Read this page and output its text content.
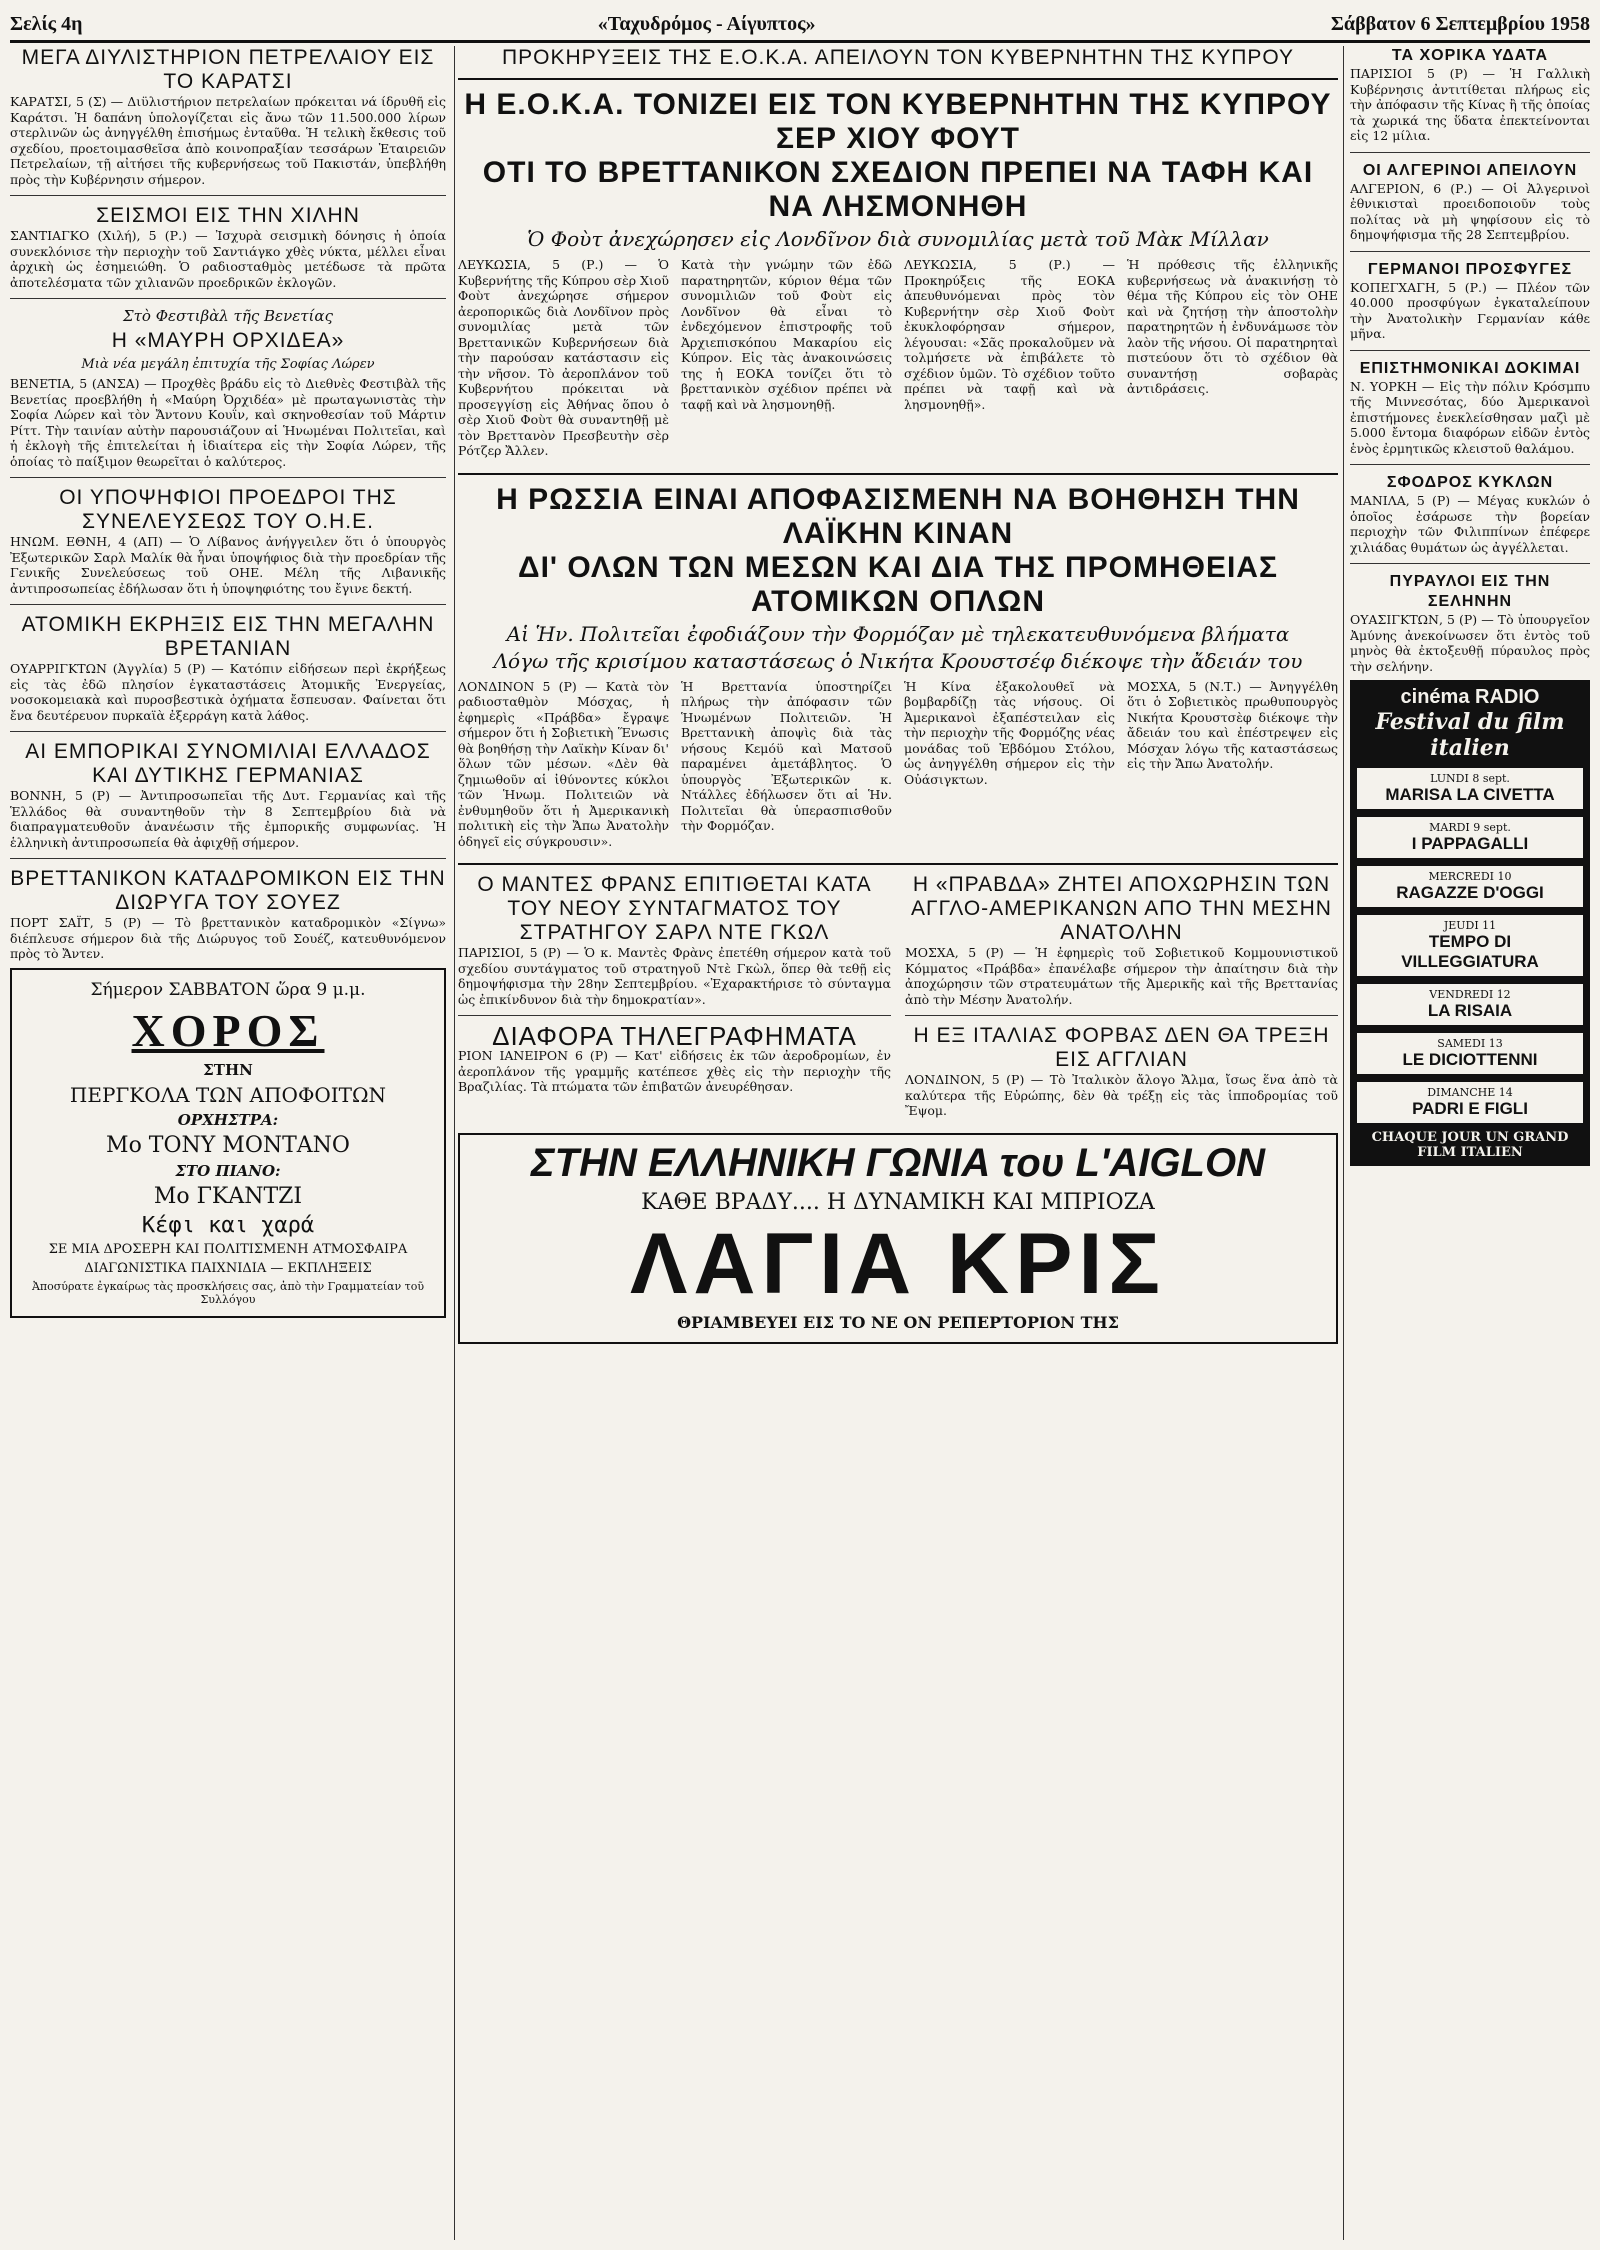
Σελίς 4η	«Ταχυδρόμος - Αίγυπτος»	Σάββατον 6 Σεπτεμβρίου 1958
ΜΕΓΑ ΔΙΥΛΙΣΤΗΡΙΟΝ ΠΕΤΡΕΛΑΙΟΥ ΕΙΣ ΤΟ ΚΑΡΑΤΣΙ

ΚΑΡΑΤΣΙ, 5 (Σ) — Διϋλιστήριον πετρελαίων πρόκειται νά ίδρυθῆ εἰς Καράτσι. Ἡ δαπάνη ὑπολογίζεται εἰς ἄνω τῶν 11.500.000 λίρων στερλινῶν ὡς ἀνηγγέλθη ἐπισήμως ἐνταῦθα. Ἡ τελικὴ ἔκθεσις τοῦ σχεδίου, προετοιμασθεῖσα ἀπὸ κοινοπραξίαν τεσσάρων Ἑταιρειῶν Πετρελαίων, τῇ αἰτήσει τῆς κυβερνήσεως τοῦ Πακιστάν, ὑπεβλήθη πρὸς τὴν Κυβέρνησιν σήμερον.

ΣΕΙΣΜΟΙ ΕΙΣ ΤΗΝ ΧΙΛΗΝ

ΣΑΝΤΙΑΓΚΟ (Χιλή), 5 (Ρ.) — Ἰσχυρὰ σεισμικὴ δόνησις ἡ ὁποία συνεκλόνισε τὴν περιοχὴν τοῦ Σαντιάγκο χθὲς νύκτα, μέλλει εἶναι ἀρχικὴ ὡς ἐσημειώθη. Ὁ ραδιοσταθμὸς μετέδωσε τὰ πρῶτα ἀποτελέσματα τῶν χιλιανῶν προεδρικῶν ἐκλογῶν.

Στὸ Φεστιβὰλ τῆς Βενετίας
Η «ΜΑΥΡΗ ΟΡΧΙΔΕΑ»
Μιὰ νέα μεγάλη ἐπιτυχία τῆς Σοφίας Λώρεν

ΒΕΝΕΤΙΑ, 5 (ΑΝΣΑ) — Προχθὲς βράδυ εἰς τὸ Διεθνὲς Φεστιβὰλ τῆς Βενετίας προεβλήθη ἡ «Μαύρη Ὀρχιδέα» μὲ πρωταγωνιστὰς τὴν Σοφία Λώρεν καὶ τὸν Ἄντονυ Κουΐν, καὶ σκηνοθεσίαν τοῦ Μάρτιν Ρίττ. Τὴν ταινίαν αὐτὴν παρουσιάζουν αἱ Ἡνωμέναι Πολιτεῖαι, καὶ ἡ ἐκλογὴ τῆς ἐπιτελείται ἡ ἰδιαίτερα εἰς τὴν Σοφία Λώρεν, τῆς ὁποίας τὸ παίξιμον θεωρεῖται ὁ καλύτερος.

ΟΙ ΥΠΟΨΗΦΙΟΙ ΠΡΟΕΔΡΟΙ ΤΗΣ ΣΥΝΕΛΕΥΣΕΩΣ ΤΟΥ Ο.Η.Ε.

ΗΝΩΜ. ΕΘΝΗ, 4 (ΑΠ) — Ὁ Λίβανος ἀνήγγειλεν ὅτι ὁ ὑπουργὸς Ἐξωτερικῶν Σαρλ Μαλίκ θὰ ἦναι ὑποψήφιος διὰ τὴν προεδρίαν τῆς Γενικῆς Συνελεύσεως τοῦ ΟΗΕ. Μέλη τῆς Λιβανικῆς ἀντιπροσωπείας ἐδήλωσαν ὅτι ἡ ὑποψηφιότης του ἔγινε δεκτή.

ΑΤΟΜΙΚΗ ΕΚΡΗΞΙΣ ΕΙΣ ΤΗΝ ΜΕΓΑΛΗΝ ΒΡΕΤΑΝΙΑΝ

ΟΥΑΡΡΙΓΚΤΩΝ (Ἀγγλία) 5 (Ρ) — Κατόπιν εἰδήσεων περὶ ἐκρήξεως εἰς τὰς ἐδῶ πλησίον ἐγκαταστάσεις Ἀτομικῆς Ἐνεργείας, νοσοκομειακὰ καὶ πυροσβεστικὰ ὀχήματα ἔσπευσαν. Φαίνεται ὅτι ἔνα δευτέρευον πυρκαϊὰ ἐξερράγη κατὰ λάθος.

ΑΙ ΕΜΠΟΡΙΚΑΙ ΣΥΝΟΜΙΛΙΑΙ ΕΛΛΑΔΟΣ ΚΑΙ ΔΥΤΙΚΗΣ ΓΕΡΜΑΝΙΑΣ

ΒΟΝΝΗ, 5 (Ρ) — Ἀντιπροσωπεῖαι τῆς Δυτ. Γερμανίας καὶ τῆς Ἑλλάδος θὰ συναντηθοῦν τὴν 8 Σεπτεμβρίου διὰ νὰ διαπραγματευθοῦν ἀνανέωσιν τῆς ἐμπορικῆς συμφωνίας. Ἡ ἑλληνικὴ ἀντιπροσωπεία θὰ ἀφιχθῇ σήμερον.

ΒΡΕΤΤΑΝΙΚΟΝ ΚΑΤΑΔΡΟΜΙΚΟΝ ΕΙΣ ΤΗΝ ΔΙΩΡΥΓΑ ΤΟΥ ΣΟΥΕΖ

ΠΟΡΤ ΣΑΪΤ, 5 (Ρ) — Τὸ βρεττανικὸν καταδρομικὸν «Σίγνω» διέπλευσε σήμερον διὰ τῆς Διώρυγος τοῦ Σουέζ, κατευθυνόμενον πρὸς τὸ Ἄντεν.

Σήμερον ΣΑΒΒΑΤΟΝ ὥρα 9 μ.μ.
ΧΟΡΟΣ
ΣΤΗΝ
ΠΕΡΓΚΟΛΑ ΤΩΝ ΑΠΟΦΟΙΤΩΝ
ΟΡΧΗΣΤΡΑ:
Μο ΤΟΝΥ ΜΟΝΤΑΝΟ
ΣΤΟ ΠΙΑΝΟ:
Μο ΓΚΑΝΤΖΙ
Κέφι και χαρά
ΣΕ ΜΙΑ ΔΡΟΣΕΡΗ ΚΑΙ ΠΟΛΙΤΙΣΜΕΝΗ ΑΤΜΟΣΦΑΙΡΑ
ΔΙΑΓΩΝΙΣΤΙΚΑ ΠΑΙΧΝΙΔΙΑ — ΕΚΠΛΗΞΕΙΣ
Ἀποσύρατε ἐγκαίρως τὰς προσκλήσεις σας, ἀπὸ τὴν Γραμματείαν τοῦ Συλλόγου
ΠΡΟΚΗΡΥΞΕΙΣ ΤΗΣ Ε.Ο.Κ.Α. ΑΠΕΙΛΟΥΝ ΤΟΝ ΚΥΒΕΡΝΗΤΗΝ ΤΗΣ ΚΥΠΡΟΥ
Η Ε.Ο.Κ.Α. ΤΟΝΙΖΕΙ ΕΙΣ ΤΟΝ ΚΥΒΕΡΝΗΤΗΝ ΤΗΣ ΚΥΠΡΟΥ ΣΕΡ ΧΙΟΥ ΦΟΥΤ
ΟΤΙ ΤΟ ΒΡΕΤΤΑΝΙΚΟΝ ΣΧΕΔΙΟΝ ΠΡΕΠΕΙ ΝΑ ΤΑΦΗ ΚΑΙ ΝΑ ΛΗΣΜΟΝΗΘΗ
Ὁ Φοὺτ ἀνεχώρησεν εἰς Λονδῖνον διὰ συνομιλίας μετὰ τοῦ Μὰκ Μίλλαν

ΛΕΥΚΩΣΙΑ, 5 (Ρ.) — Ὁ Κυβερνήτης τῆς Κύπρου σὲρ Χιοῦ Φοὺτ ἀνεχώρησε σήμερον ἀεροπορικῶς διὰ Λονδῖνον πρὸς συνομιλίας μετὰ τῶν Βρεττανικῶν Κυβερνήσεων διὰ τὴν παρούσαν κατάστασιν εἰς τὴν νῆσον. Τὸ ἀεροπλάνον τοῦ Κυβερνήτου πρόκειται νὰ προσεγγίσῃ εἰς Ἀθήνας ὅπου ὁ σὲρ Χιοῦ Φοὺτ θὰ συναντηθῇ μὲ τὸν Βρεττανὸν Πρεσβευτὴν σὲρ Ρότζερ Ἄλλεν.

Κατὰ τὴν γνώμην τῶν ἐδῶ παρατηρητῶν, κύριον θέμα τῶν συνομιλιῶν τοῦ Φοὺτ εἰς Λονδῖνον θὰ εἶναι τὸ ἐνδεχόμενον ἐπιστροφῆς τοῦ Ἀρχιεπισκόπου Μακαρίου εἰς Κύπρον. Εἰς τὰς ἀνακοινώσεις της ἡ ΕΟΚΑ τονίζει ὅτι τὸ βρεττανικὸν σχέδιον πρέπει νὰ ταφῇ καὶ νὰ λησμονηθῇ.

ΛΕΥΚΩΣΙΑ, 5 (Ρ.) — Προκηρύξεις τῆς ΕΟΚΑ ἀπευθυνόμεναι πρὸς τὸν Κυβερνήτην σὲρ Χιοῦ Φοὺτ ἐκυκλοφόρησαν σήμερον, λέγουσαι: «Σᾶς προκαλοῦμεν νὰ τολμήσετε νὰ ἐπιβάλετε τὸ σχέδιον ὑμῶν. Τὸ σχέδιον τοῦτο πρέπει νὰ ταφῇ καὶ νὰ λησμονηθῇ».

Ἡ πρόθεσις τῆς ἑλληνικῆς κυβερνήσεως νὰ ἀνακινήσῃ τὸ θέμα τῆς Κύπρου εἰς τὸν ΟΗΕ καὶ νὰ ζητήσῃ τὴν ἀποστολὴν παρατηρητῶν ἡ ἐνδυνάμωσε τὸν λαὸν τῆς νήσου. Οἱ παρατηρηταὶ πιστεύουν ὅτι τὸ σχέδιον θὰ συναντήσῃ σοβαρὰς ἀντιδράσεις.

Η ΡΩΣΣΙΑ ΕΙΝΑΙ ΑΠΟΦΑΣΙΣΜΕΝΗ ΝΑ ΒΟΗΘΗΣΗ ΤΗΝ ΛΑΪΚΗΝ ΚΙΝΑΝ
ΔΙ' ΟΛΩΝ ΤΩΝ ΜΕΣΩΝ ΚΑΙ ΔΙΑ ΤΗΣ ΠΡΟΜΗΘΕΙΑΣ ΑΤΟΜΙΚΩΝ ΟΠΛΩΝ
Αἱ Ἡν. Πολιτεῖαι ἐφοδιάζουν τὴν Φορμόζαν μὲ τηλεκατευθυνόμενα βλήματα
Λόγω τῆς κρισίμου καταστάσεως ὁ Νικήτα Κρουστσέφ διέκοψε τὴν ἄδειάν του

ΛΟΝΔΙΝΟΝ 5 (Ρ) — Κατὰ τὸν ραδιοσταθμὸν Μόσχας, ἡ ἐφημερὶς «Πράβδα» ἔγραψε σήμερον ὅτι ἡ Σοβιετικὴ Ἕνωσις θὰ βοηθήσῃ τὴν Λαϊκὴν Κίναν δι' ὅλων τῶν μέσων. «Δὲν θὰ ζημιωθοῦν αἱ ἰθύνοντες κύκλοι τῶν Ἡνωμ. Πολιτειῶν νὰ ἐνθυμηθοῦν ὅτι ἡ Ἀμερικανικὴ πολιτικὴ εἰς τὴν Ἄπω Ἀνατολὴν ὁδηγεῖ εἰς σύγκρουσιν».

Ἡ Βρεττανία ὑποστηρίζει πλήρως τὴν ἀπόφασιν τῶν Ἡνωμένων Πολιτειῶν. Ἡ Βρεττανικὴ ἀποψὶς διὰ τὰς νήσους Κεμόϋ καὶ Ματσοῦ παραμένει ἀμετάβλητος. Ὁ ὑπουργὸς Ἐξωτερικῶν κ. Ντάλλες ἐδήλωσεν ὅτι αἱ Ἡν. Πολιτεῖαι θὰ ὑπερασπισθοῦν τὴν Φορμόζαν.

Ἡ Κίνα ἐξακολουθεῖ νὰ βομβαρδίζῃ τὰς νήσους. Οἱ Ἀμερικανοὶ ἐξαπέστειλαν εἰς τὴν περιοχὴν τῆς Φορμόζης νέας μονάδας τοῦ Ἑβδόμου Στόλου, ὡς ἀνηγγέλθη σήμερον εἰς τὴν Οὐάσιγκτων.

ΜΟΣΧΑ, 5 (Ν.Τ.) — Ἀνηγγέλθη ὅτι ὁ Σοβιετικὸς πρωθυπουργὸς Νικήτα Κρουστσὲφ διέκοψε τὴν ἄδειάν του καὶ ἐπέστρεψεν εἰς Μόσχαν λόγω τῆς καταστάσεως εἰς τὴν Ἄπω Ἀνατολήν.

Ο ΜΑΝΤΕΣ ΦΡΑΝΣ ΕΠΙΤΙΘΕΤΑΙ ΚΑΤΑ ΤΟΥ ΝΕΟΥ ΣΥΝΤΑΓΜΑΤΟΣ ΤΟΥ ΣΤΡΑΤΗΓΟΥ ΣΑΡΛ ΝΤΕ ΓΚΩΛ

ΠΑΡΙΣΙΟΙ, 5 (Ρ) — Ὁ κ. Μαντὲς Φρὰνς ἐπετέθη σήμερον κατὰ τοῦ σχεδίου συντάγματος τοῦ στρατηγοῦ Ντὲ Γκὼλ, ὅπερ θὰ τεθῇ εἰς δημοψήφισμα τὴν 28ην Σεπτεμβρίου. «Ἐχαρακτήρισε τὸ σύνταγμα ὡς ἐπικίνδυνον διὰ τὴν δημοκρατίαν».

ΔΙΑΦΟΡΑ ΤΗΛΕΓΡΑΦΗΜΑΤΑ

ΡΙΟΝ ΙΑΝΕΙΡΟΝ 6 (Ρ) — Κατ' εἰδήσεις ἐκ τῶν ἀεροδρομίων, ἐν ἀεροπλάνον τῆς γραμμῆς κατέπεσε χθὲς εἰς τὴν περιοχὴν τῆς Βραζιλίας. Τὰ πτώματα τῶν ἐπιβατῶν ἀνευρέθησαν.

Η «ΠΡΑΒΔΑ» ΖΗΤΕΙ ΑΠΟΧΩΡΗΣΙΝ ΤΩΝ ΑΓΓΛΟ-ΑΜΕΡΙΚΑΝΩΝ ΑΠΟ ΤΗΝ ΜΕΣΗΝ ΑΝΑΤΟΛΗΝ

ΜΟΣΧΑ, 5 (Ρ) — Ἡ ἐφημερὶς τοῦ Σοβιετικοῦ Κομμουνιστικοῦ Κόμματος «Πράβδα» ἐπανέλαβε σήμερον τὴν ἀπαίτησιν διὰ τὴν ἀποχώρησιν τῶν στρατευμάτων τῆς Ἀμερικῆς καὶ τῆς Βρεττανίας ἀπὸ τὴν Μέσην Ἀνατολήν.

Η ΕΞ ΙΤΑΛΙΑΣ ΦΟΡΒΑΣ ΔΕΝ ΘΑ ΤΡΕΞΗ ΕΙΣ ΑΓΓΛΙΑΝ

ΛΟΝΔΙΝΟΝ, 5 (Ρ) — Τὸ Ἰταλικὸν ἄλογο Ἄλμα, ἴσως ἕνα ἀπὸ τὰ καλύτερα τῆς Εὐρώπης, δὲν θὰ τρέξῃ εἰς τὰς ἱπποδρομίας τοῦ Ἔψομ.

ΣΤΗΝ ΕΛΛΗΝΙΚΗ ΓΩΝΙΑ του L'AIGLON
ΚΑΘΕ ΒΡΑΔΥ.... Η ΔΥΝΑΜΙΚΗ ΚΑΙ ΜΠΡΙΟΖΑ
ΛΑΓΙΑ ΚΡΙΣ
ΘΡΙΑΜΒΕΥΕΙ ΕΙΣ ΤΟ ΝΕ ΟΝ ΡΕΠΕΡΤΟΡΙΟΝ ΤΗΣ
ΤΑ ΧΟΡΙΚΑ ΥΔΑΤΑ

ΠΑΡΙΣΙΟΙ 5 (Ρ) — Ἡ Γαλλικὴ Κυβέρνησις ἀντιτίθεται πλήρως εἰς τὴν ἀπόφασιν τῆς Κίνας ἢ τῆς ὁποίας τὰ χωρικά της ὕδατα ἐπεκτείνονται εἰς 12 μίλια.

ΟΙ ΑΛΓΕΡΙΝΟΙ ΑΠΕΙΛΟΥΝ

ΑΛΓΕΡΙΟΝ, 6 (Ρ.) — Οἱ Ἀλγερινοὶ ἐθνικισταὶ προειδοποιοῦν τοὺς πολίτας νὰ μὴ ψηφίσουν εἰς τὸ δημοψήφισμα τῆς 28 Σεπτεμβρίου.

ΓΕΡΜΑΝΟΙ ΠΡΟΣΦΥΓΕΣ

ΚΟΠΕΓΧΑΓΗ, 5 (Ρ.) — Πλέον τῶν 40.000 προσφύγων ἐγκαταλείπουν τὴν Ἀνατολικὴν Γερμανίαν κάθε μῆνα.

ΕΠΙΣΤΗΜΟΝΙΚΑΙ ΔΟΚΙΜΑΙ

Ν. ΥΟΡΚΗ — Εἰς τὴν πόλιν Κρόσμπυ τῆς Μιννεσότας, δύο Ἀμερικανοὶ ἐπιστήμονες ἐνεκλείσθησαν μαζὶ μὲ 5.000 ἔντομα διαφόρων εἰδῶν ἐντὸς ἑνὸς ἐρμητικῶς κλειστοῦ θαλάμου.

ΣΦΟΔΡΟΣ ΚΥΚΛΩΝ

ΜΑΝΙΛΑ, 5 (Ρ) — Μέγας κυκλών ὁ ὁποῖος ἐσάρωσε τὴν βορείαν περιοχὴν τῶν Φιλιππίνων ἐπέφερε χιλιάδας θυμάτων ὡς ἀγγέλλεται.

ΠΥΡΑΥΛΟΙ ΕΙΣ ΤΗΝ ΣΕΛΗΝΗΝ

ΟΥΑΣΙΓΚΤΩΝ, 5 (Ρ) — Τὸ ὑπουργεῖον Ἀμύνης ἀνεκοίνωσεν ὅτι ἐντὸς τοῦ μηνὸς θὰ ἐκτοξευθῇ πύραυλος πρὸς τὴν σελήνην.

cinéma RADIO
Festival du film italien
LUNDI 8 sept.
MARISA LA CIVETTA
MARDI 9 sept.
I PAPPAGALLI
MERCREDI 10
RAGAZZE D'OGGI
JEUDI 11
TEMPO DI VILLEGGIATURA
VENDREDI 12
LA RISAIA
SAMEDI 13
LE DICIOTTENNI
DIMANCHE 14
PADRI E FIGLI
CHAQUE JOUR UN GRAND FILM ITALIEN
